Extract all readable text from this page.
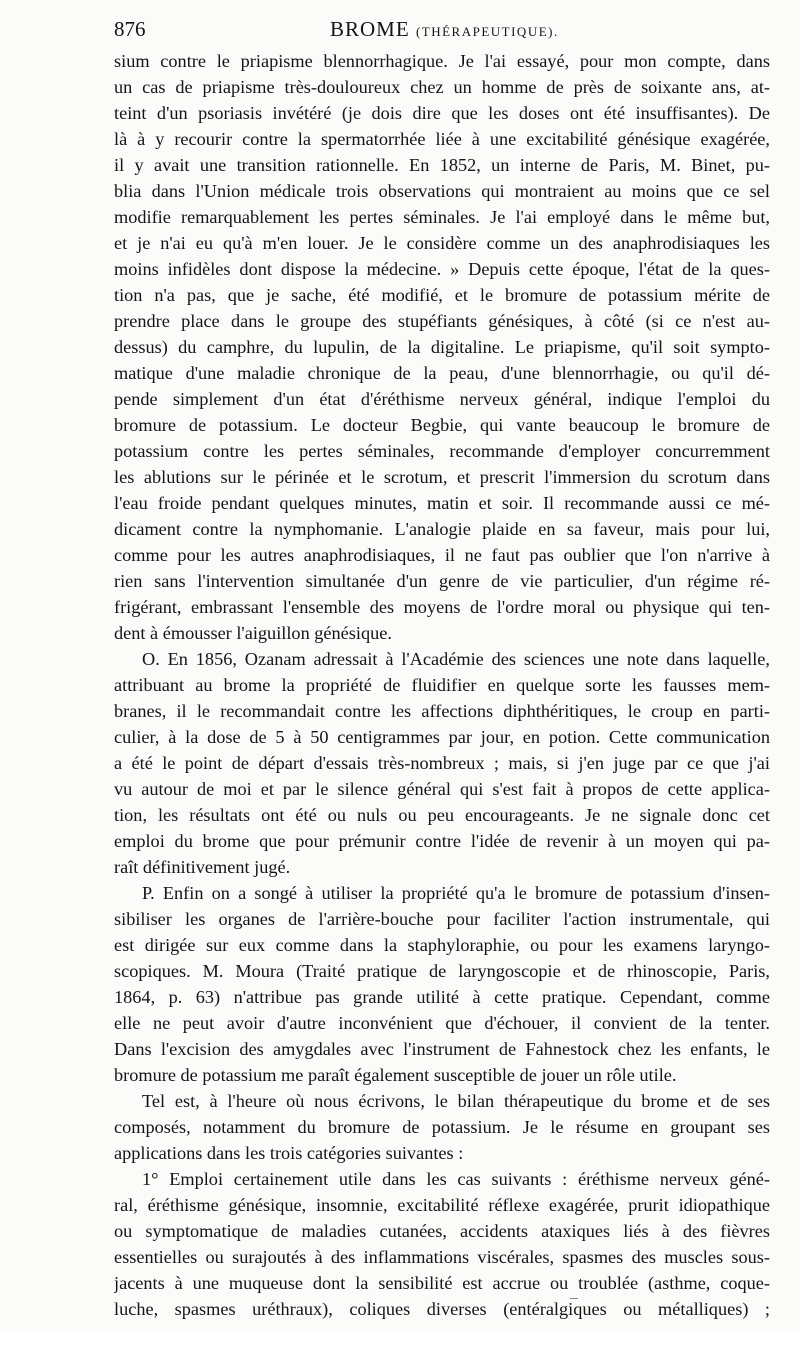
876	BROME (THÉRAPEUTIQUE).
sium contre le priapisme blennorrhagique. Je l'ai essayé, pour mon compte, dans
un cas de priapisme très-douloureux chez un homme de près de soixante ans, at-
teint d'un psoriasis invétéré (je dois dire que les doses ont été insuffisantes). De
là à y recourir contre la spermatorrhée liée à une excitabilité génésique exagérée,
il y avait une transition rationnelle. En 1852, un interne de Paris, M. Binet, pu-
blia dans l'Union médicale trois observations qui montraient au moins que ce sel
modifie remarquablement les pertes séminales. Je l'ai employé dans le même but,
et je n'ai eu qu'à m'en louer. Je le considère comme un des anaphrodisiaques les
moins infidèles dont dispose la médecine. » Depuis cette époque, l'état de la ques-
tion n'a pas, que je sache, été modifié, et le bromure de potassium mérite de
prendre place dans le groupe des stupéfiants génésiques, à côté (si ce n'est au-
dessus) du camphre, du lupulin, de la digitaline. Le priapisme, qu'il soit sympto-
matique d'une maladie chronique de la peau, d'une blennorrhagie, ou qu'il dé-
pende simplement d'un état d'éréthisme nerveux général, indique l'emploi du
bromure de potassium. Le docteur Begbie, qui vante beaucoup le bromure de
potassium contre les pertes séminales, recommande d'employer concurremment
les ablutions sur le périnée et le scrotum, et prescrit l'immersion du scrotum dans
l'eau froide pendant quelques minutes, matin et soir. Il recommande aussi ce mé-
dicament contre la nymphomanie. L'analogie plaide en sa faveur, mais pour lui,
comme pour les autres anaphrodisiaques, il ne faut pas oublier que l'on n'arrive à
rien sans l'intervention simultanée d'un genre de vie particulier, d'un régime ré-
frigérant, embrassant l'ensemble des moyens de l'ordre moral ou physique qui ten-
dent à émousser l'aiguillon génésique.
O. En 1856, Ozanam adressait à l'Académie des sciences une note dans laquelle,
attribuant au brome la propriété de fluidifier en quelque sorte les fausses mem-
branes, il le recommandait contre les affections diphthéritiques, le croup en parti-
culier, à la dose de 5 à 50 centigrammes par jour, en potion. Cette communication
a été le point de départ d'essais très-nombreux ; mais, si j'en juge par ce que j'ai
vu autour de moi et par le silence général qui s'est fait à propos de cette applica-
tion, les résultats ont été ou nuls ou peu encourageants. Je ne signale donc cet
emploi du brome que pour prémunir contre l'idée de revenir à un moyen qui pa-
raît définitivement jugé.
P. Enfin on a songé à utiliser la propriété qu'a le bromure de potassium d'insen-
sibiliser les organes de l'arrière-bouche pour faciliter l'action instrumentale, qui
est dirigée sur eux comme dans la staphyloraphie, ou pour les examens laryngo-
scopiques. M. Moura (Traité pratique de laryngoscopie et de rhinoscopie, Paris,
1864, p. 63) n'attribue pas grande utilité à cette pratique. Cependant, comme
elle ne peut avoir d'autre inconvénient que d'échouer, il convient de la tenter.
Dans l'excision des amygdales avec l'instrument de Fahnestock chez les enfants, le
bromure de potassium me paraît également susceptible de jouer un rôle utile.
Tel est, à l'heure où nous écrivons, le bilan thérapeutique du brome et de ses
composés, notamment du bromure de potassium. Je le résume en groupant ses
applications dans les trois catégories suivantes :
1° Emploi certainement utile dans les cas suivants : éréthisme nerveux géné-
ral, éréthisme génésique, insomnie, excitabilité réflexe exagérée, prurit idiopathique
ou symptomatique de maladies cutanées, accidents ataxiques liés à des fièvres
essentielles ou surajoutés à des inflammations viscérales, spasmes des muscles sous-
jacents à une muqueuse dont la sensibilité est accrue ou troublée (asthme, coque-
luche, spasmes uréthraux), coliques diverses (entéralgiques ou métalliques) ;
